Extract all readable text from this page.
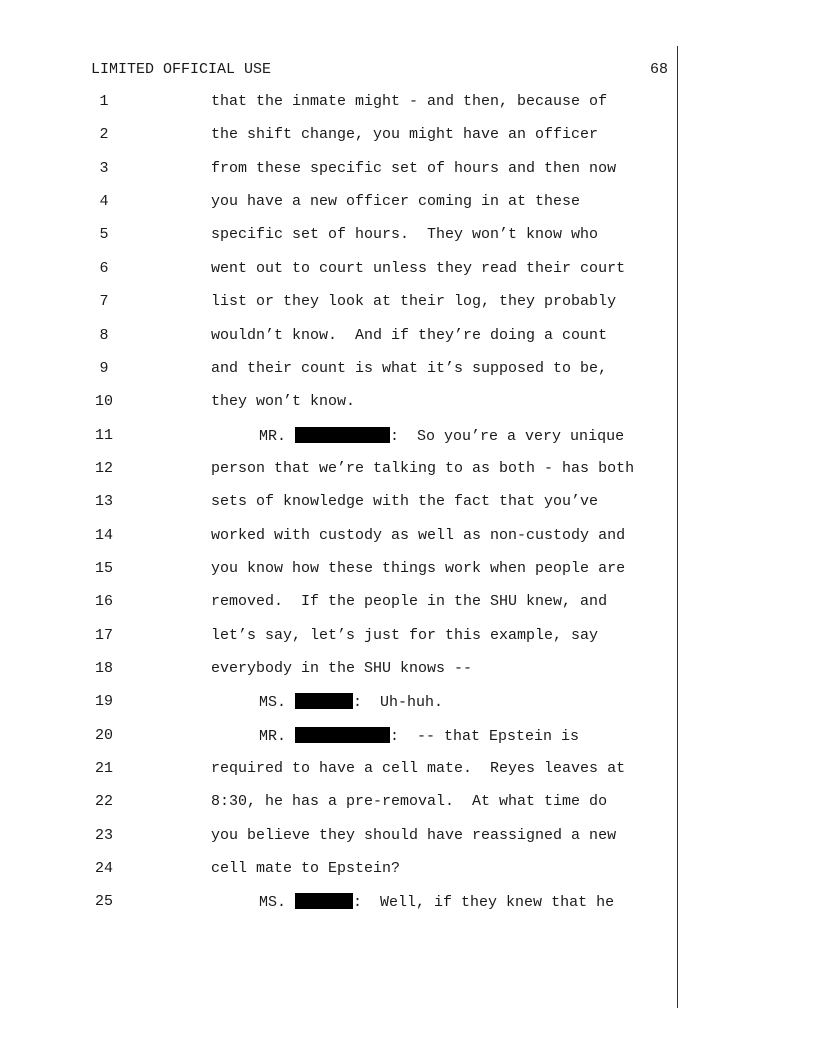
LIMITED OFFICIAL USE	68
1	that the inmate might - and then, because of
2	the shift change, you might have an officer
3	from these specific set of hours and then now
4	you have a new officer coming in at these
5	specific set of hours.  They won’t know who
6	went out to court unless they read their court
7	list or they look at their log, they probably
8	wouldn’t know.  And if they’re doing a count
9	and their count is what it’s supposed to be,
10	they won’t know.
11	MR.	:  So you’re a very unique
12	person that we’re talking to as both - has both
13	sets of knowledge with the fact that you’ve
14	worked with custody as well as non-custody and
15	you know how these things work when people are
16	removed.  If the people in the SHU knew, and
17	let’s say, let’s just for this example, say
18	everybody in the SHU knows --
19	MS.	:  Uh-huh.
20	MR.	:  -- that Epstein is
21	required to have a cell mate.  Reyes leaves at
22	8:30, he has a pre-removal.  At what time do
23	you believe they should have reassigned a new
24	cell mate to Epstein?
25	MS.	:  Well, if they knew that he
